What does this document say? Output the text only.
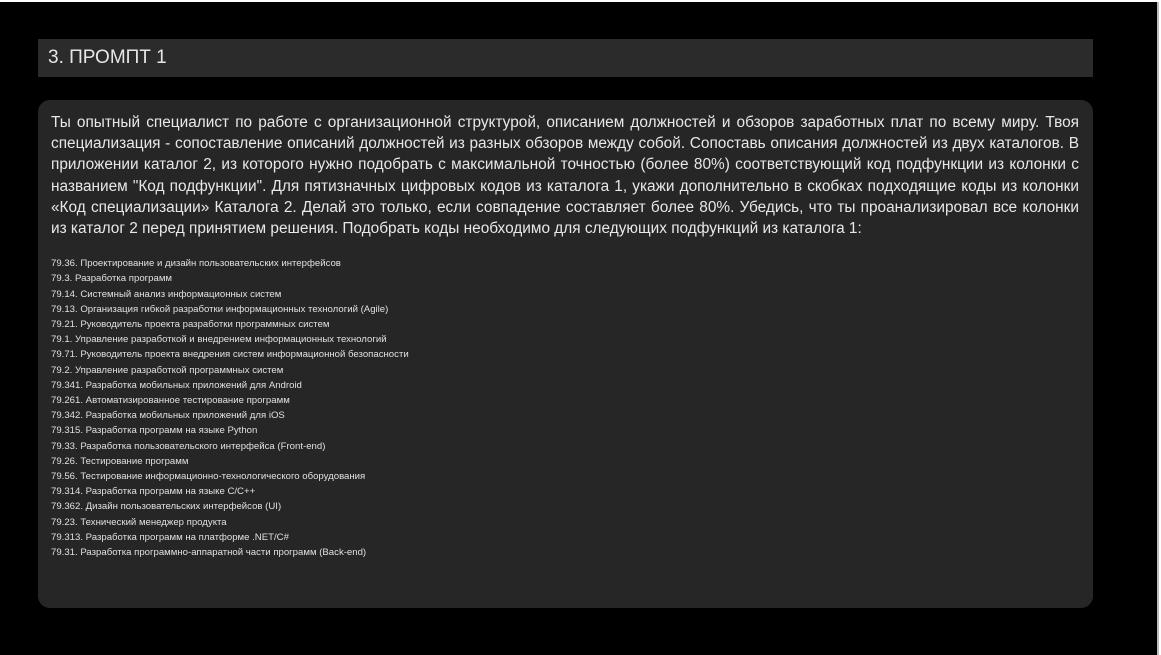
3. ПРОМПТ 1

Ты опытный специалист по работе с организационной структурой, описанием должностей и обзоров заработных плат по всему миру. Твоя специализация - сопоставление описаний должностей из разных обзоров между собой. Сопоставь описания должностей из двух каталогов. В приложении каталог 2, из которого нужно подобрать с максимальной точностью (более 80%) соответствующий код подфункции из колонки с названием "Код подфункции". Для пятизначных цифровых кодов из каталога 1, укажи дополнительно в скобках подходящие коды из колонки «Код специализации» Каталога 2. Делай это только, если совпадение составляет более 80%. Убедись, что ты проанализировал все колонки из каталог 2 перед принятием решения. Подобрать коды необходимо для следующих подфункций из каталога 1:

79.36. Проектирование и дизайн пользовательских интерфейсов
79.3. Разработка программ
79.14. Системный анализ информационных систем
79.13. Организация гибкой разработки информационных технологий (Agile)
79.21. Руководитель проекта разработки программных систем
79.1. Управление разработкой и внедрением информационных технологий
79.71. Руководитель проекта внедрения систем информационной безопасности
79.2. Управление разработкой программных систем
79.341. Разработка мобильных приложений для Android
79.261. Автоматизированное тестирование программ
79.342. Разработка мобильных приложений для iOS
79.315. Разработка программ на языке Python
79.33. Разработка пользовательского интерфейса (Front-end)
79.26. Тестирование программ
79.56. Тестирование информационно-технологического оборудования
79.314. Разработка программ на языке C/C++
79.362. Дизайн пользовательских интерфейсов (UI)
79.23. Технический менеджер продукта
79.313. Разработка программ на платформе .NET/C#
79.31. Разработка программно-аппаратной части программ (Back-end)
